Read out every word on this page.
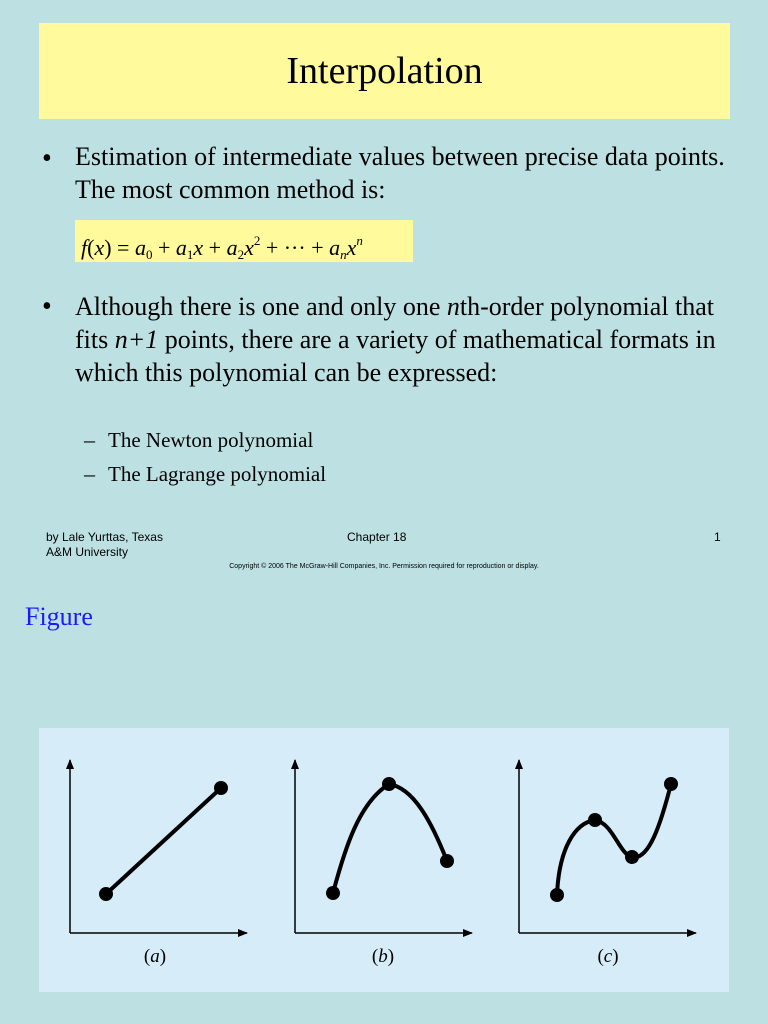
Interpolation
• Estimation of intermediate values between precise data points. The most common method is:
$f(x) = a_0 + a_1x + a_2x^2$ + ··· + $a_nx^n$
• Although there is one and only one nth-order polynomial that fits n+1 points, there are a variety of mathematical formats in which this polynomial can be expressed:
– The Newton polynomial
– The Lagrange polynomial
by Lale Yurttas, Texas
A&M University
Chapter 18	1
Copyright © 2006 The McGraw-Hill Companies, Inc. Permission required for reproduction or display.
Figure
(a)	(b)	(c)
